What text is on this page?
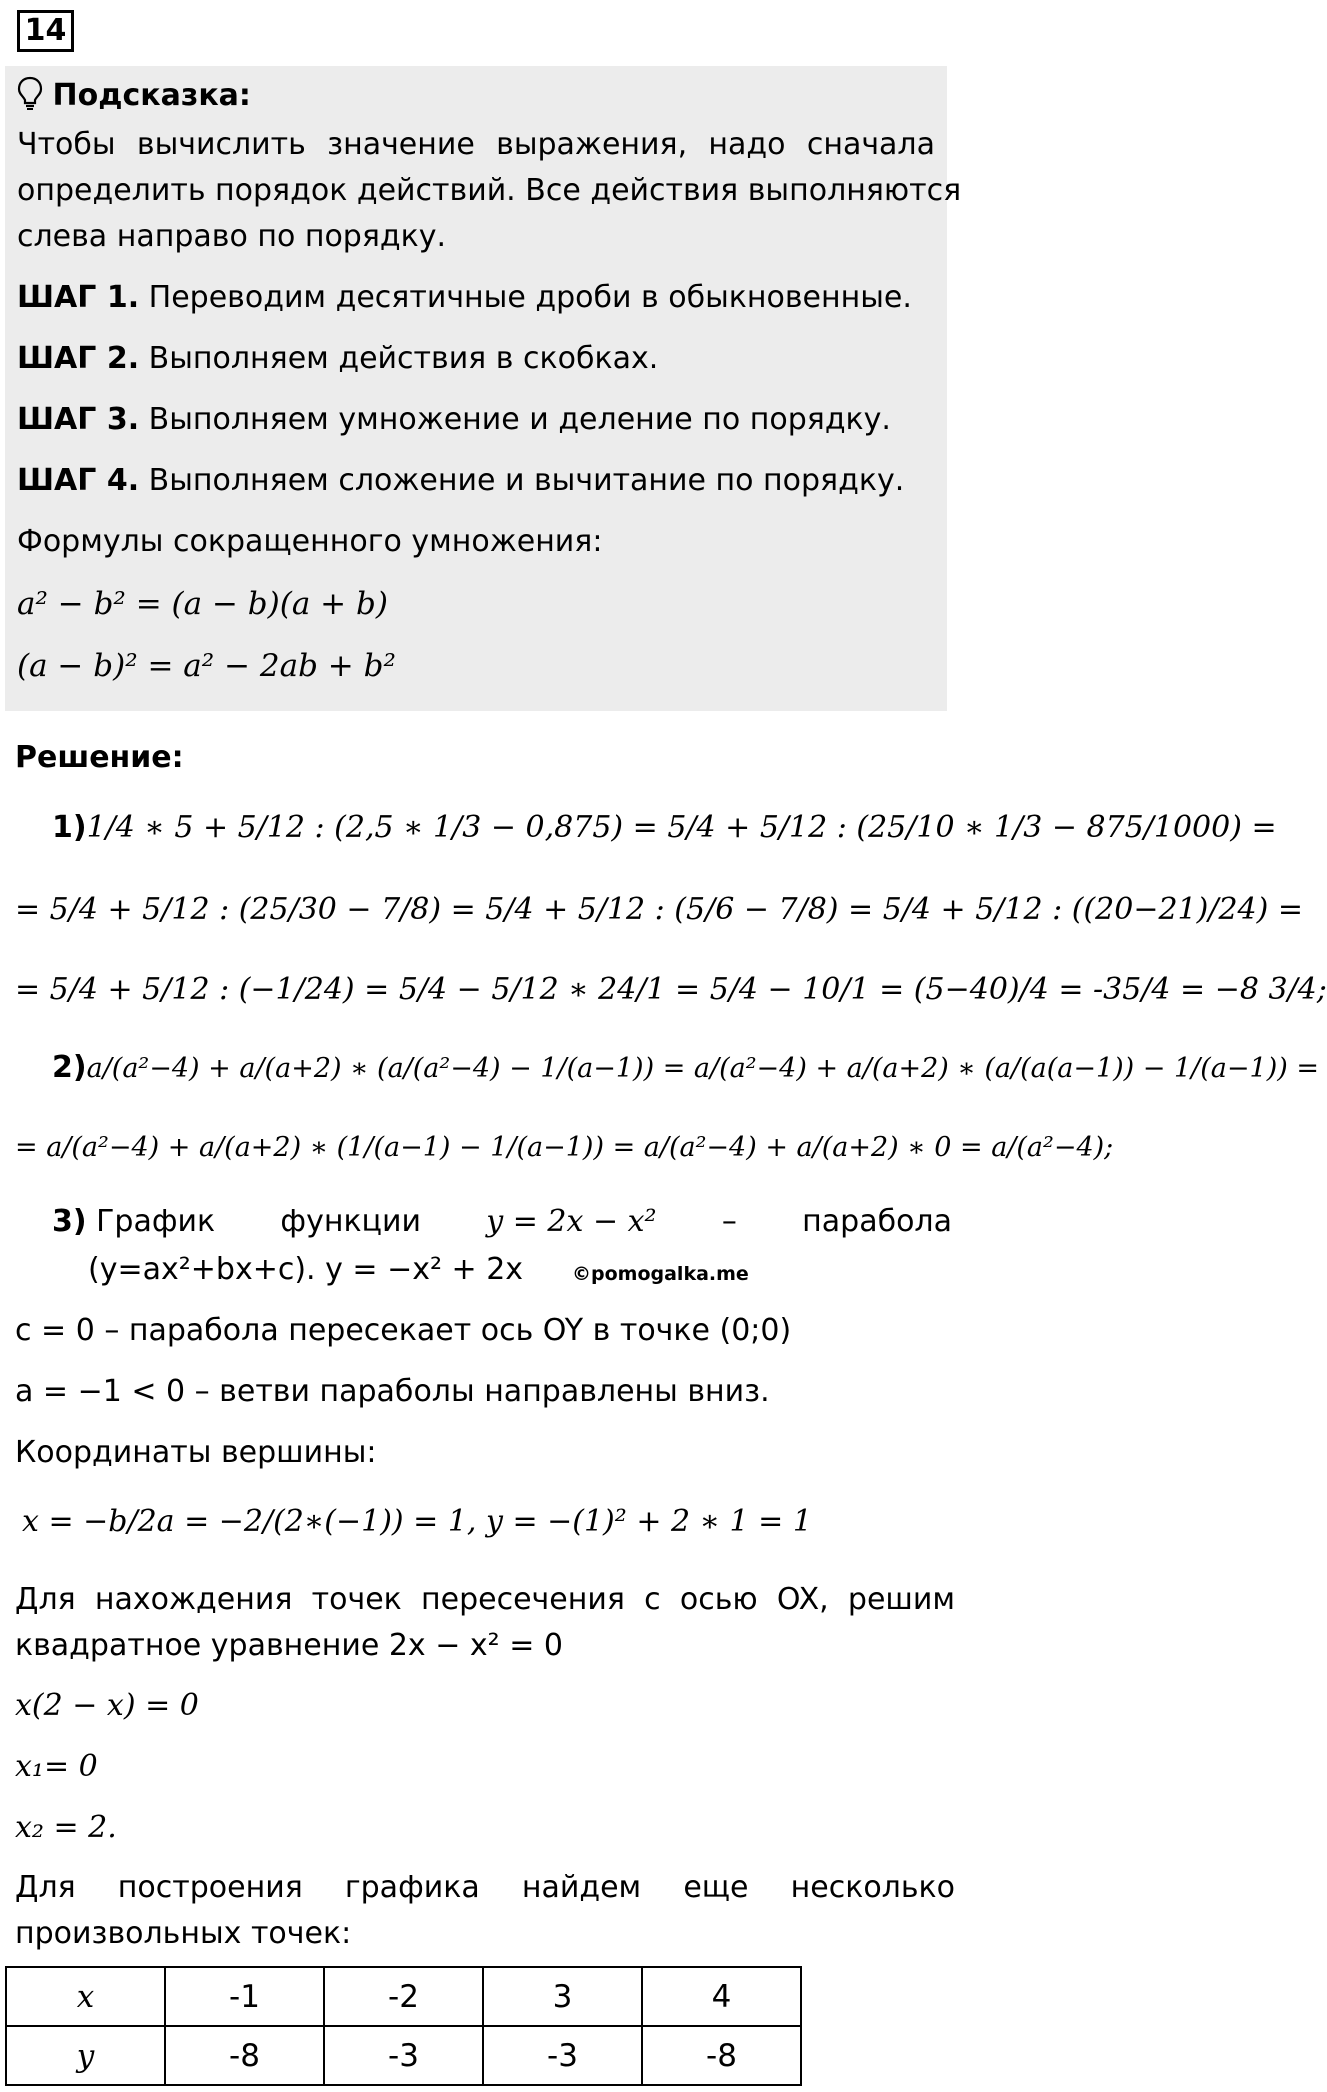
14
Подсказка:
Чтобы вычислить значение выражения, надо сначала
определить порядок действий. Все действия выполняются
слева направо по порядку.
ШАГ 1. Переводим десятичные дроби в обыкновенные.
ШАГ 2. Выполняем действия в скобках.
ШАГ 3. Выполняем умножение и деление по порядку.
ШАГ 4. Выполняем сложение и вычитание по порядку.
Формулы сокращенного умножения:
a² − b² = (a − b)(a + b)
(a − b)² = a² − 2ab + b²
Решение:
1)1/4 ∗ 5 + 5/12 : (2,5 ∗ 1/3 − 0,875) = 5/4 + 5/12 : (25/10 ∗ 1/3 − 875/1000) =
= 5/4 + 5/12 : (25/30 − 7/8) = 5/4 + 5/12 : (5/6 − 7/8) = 5/4 + 5/12 : ((20−21)/24) =
= 5/4 + 5/12 : (−1/24) = 5/4 − 5/12 ∗ 24/1 = 5/4 − 10/1 = (5−40)/4 = -35/4 = −8 3/4;
2)a/(a²−4) + a/(a+2) ∗ (a/(a²−4) − 1/(a−1)) = a/(a²−4) + a/(a+2) ∗ (a/(a(a−1)) − 1/(a−1)) =
= a/(a²−4) + a/(a+2) ∗ (1/(a−1) − 1/(a−1)) = a/(a²−4) + a/(a+2) ∗ 0 = a/(a²−4);
3) График функции y = 2x − x² – парабола
(y=ax²+bx+c). y = −x² + 2x	©pomogalka.me
c = 0 – парабола пересекает ось OY в точке (0;0)
a = −1 < 0 – ветви параболы направлены вниз.
Координаты вершины:
x = −b/2a = −2/(2∗(−1)) = 1, y = −(1)² + 2 ∗ 1 = 1
Для нахождения точек пересечения с осью OX, решим
квадратное уравнение 2x − x² = 0
x(2 − x) = 0
x₁= 0
x₂ = 2.
Для построения графика найдем еще несколько
произвольных точек:
x	-1	-2	3	4
y	-8	-3	-3	-8
